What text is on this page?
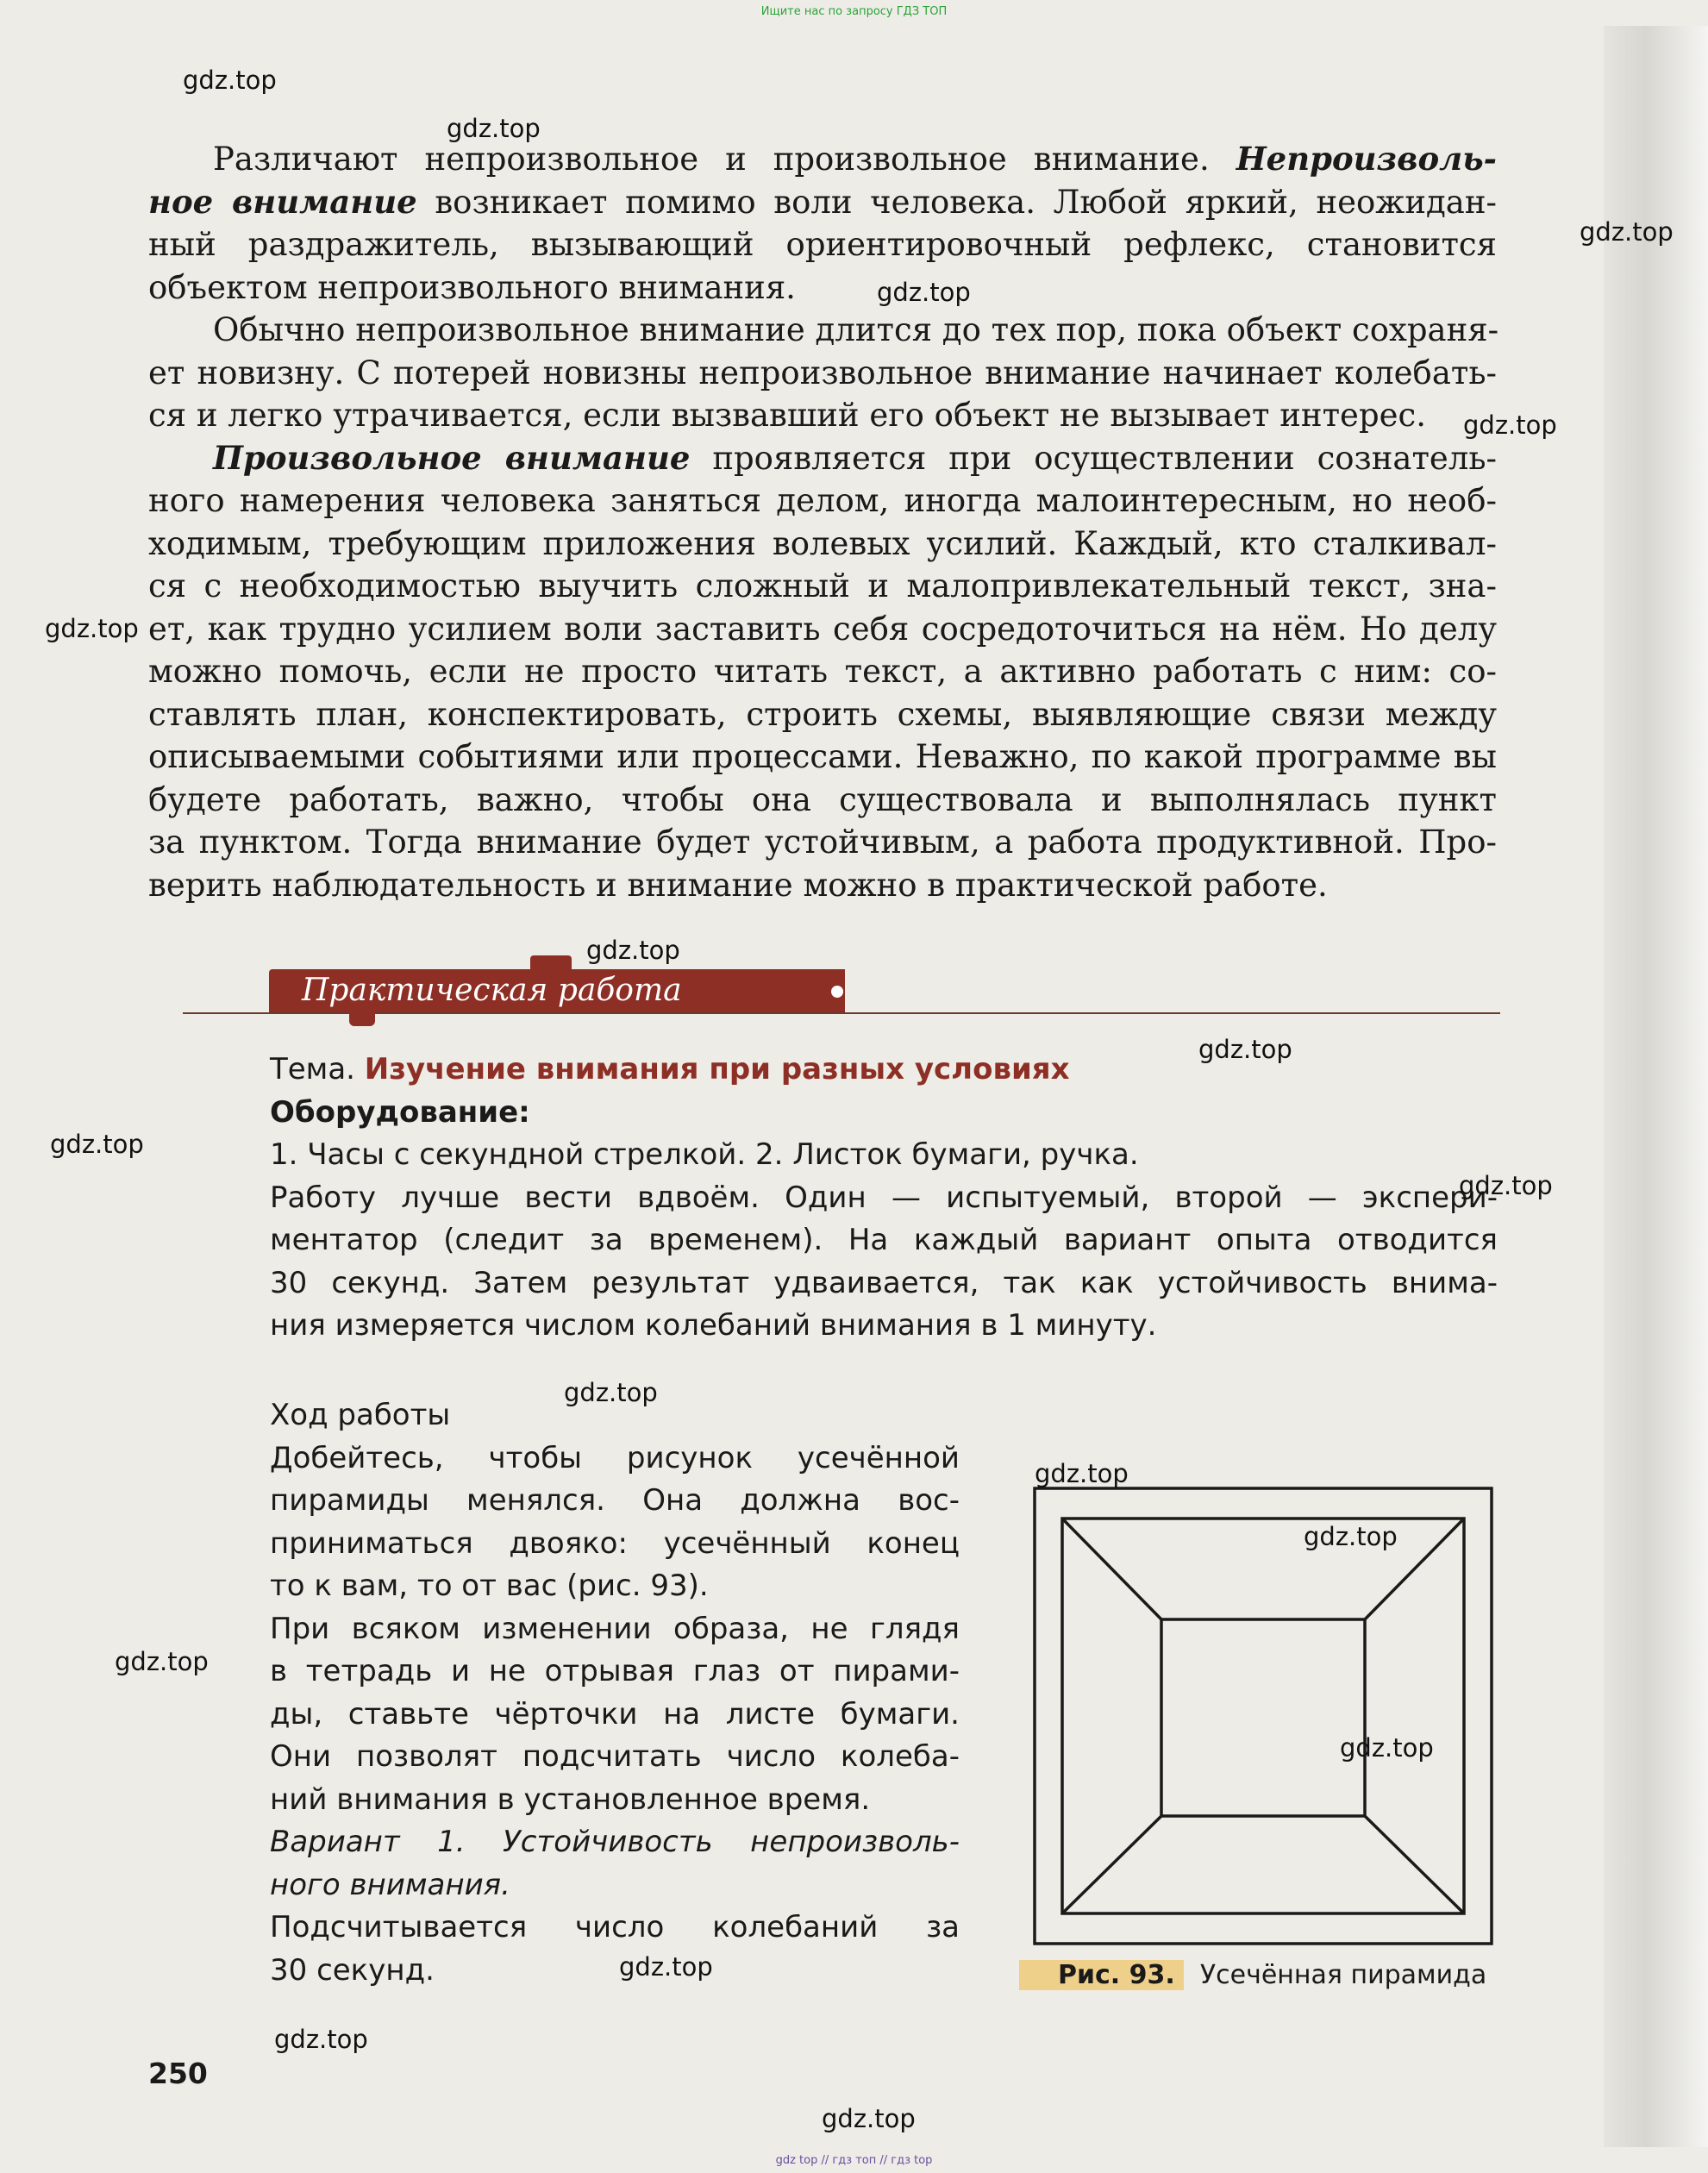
Ищите нас по запросу ГДЗ ТОП
Различают непроизвольное и произвольное внимание. Непроизволь-
ное внимание возникает помимо воли человека. Любой яркий, неожидан-
ный раздражитель, вызывающий ориентировочный рефлекс, становится
объектом непроизвольного внимания.
Обычно непроизвольное внимание длится до тех пор, пока объект сохраня-
ет новизну. С потерей новизны непроизвольное внимание начинает колебать-
ся и легко утрачивается, если вызвавший его объект не вызывает интерес.
Произвольное внимание проявляется при осуществлении сознатель-
ного намерения человека заняться делом, иногда малоинтересным, но необ-
ходимым, требующим приложения волевых усилий. Каждый, кто сталкивал-
ся с необходимостью выучить сложный и малопривлекательный текст, зна-
ет, как трудно усилием воли заставить себя сосредоточиться на нём. Но делу
можно помочь, если не просто читать текст, а активно работать с ним: со-
ставлять план, конспектировать, строить схемы, выявляющие связи между
описываемыми событиями или процессами. Неважно, по какой программе вы
будете работать, важно, чтобы она существовала и выполнялась пункт
за пунктом. Тогда внимание будет устойчивым, а работа продуктивной. Про-
верить наблюдательность и внимание можно в практической работе.
Практическая работа
Тема. Изучение внимания при разных условиях
Оборудование:
1. Часы с секундной стрелкой. 2. Листок бумаги, ручка.
Работу лучше вести вдвоём. Один — испытуемый, второй — экспери-
ментатор (следит за временем). На каждый вариант опыта отводится
30 секунд. Затем результат удваивается, так как устойчивость внима-
ния измеряется числом колебаний внимания в 1 минуту.
Ход работы
Добейтесь, чтобы рисунок усечённой
пирамиды менялся. Она должна вос-
приниматься двояко: усечённый конец
то к вам, то от вас (рис. 93).
При всяком изменении образа, не глядя
в тетрадь и не отрывая глаз от пирами-
ды, ставьте чёрточки на листе бумаги.
Они позволят подсчитать число колеба-
ний внимания в установленное время.
Вариант 1. Устойчивость непроизволь-
ного внимания.
Подсчитывается число колебаний за
30 секунд.	Рис. 93. Усечённая пирамида
250
gdz.top
gdz.top
gdz.top
gdz.top
gdz.top
gdz.top
gdz.top
gdz.top
gdz.top
gdz.top
gdz.top
gdz.top
gdz.top
gdz.top
gdz.top
gdz.top
gdz.top
gdz.top
gdz top // гдз топ // гдз top
